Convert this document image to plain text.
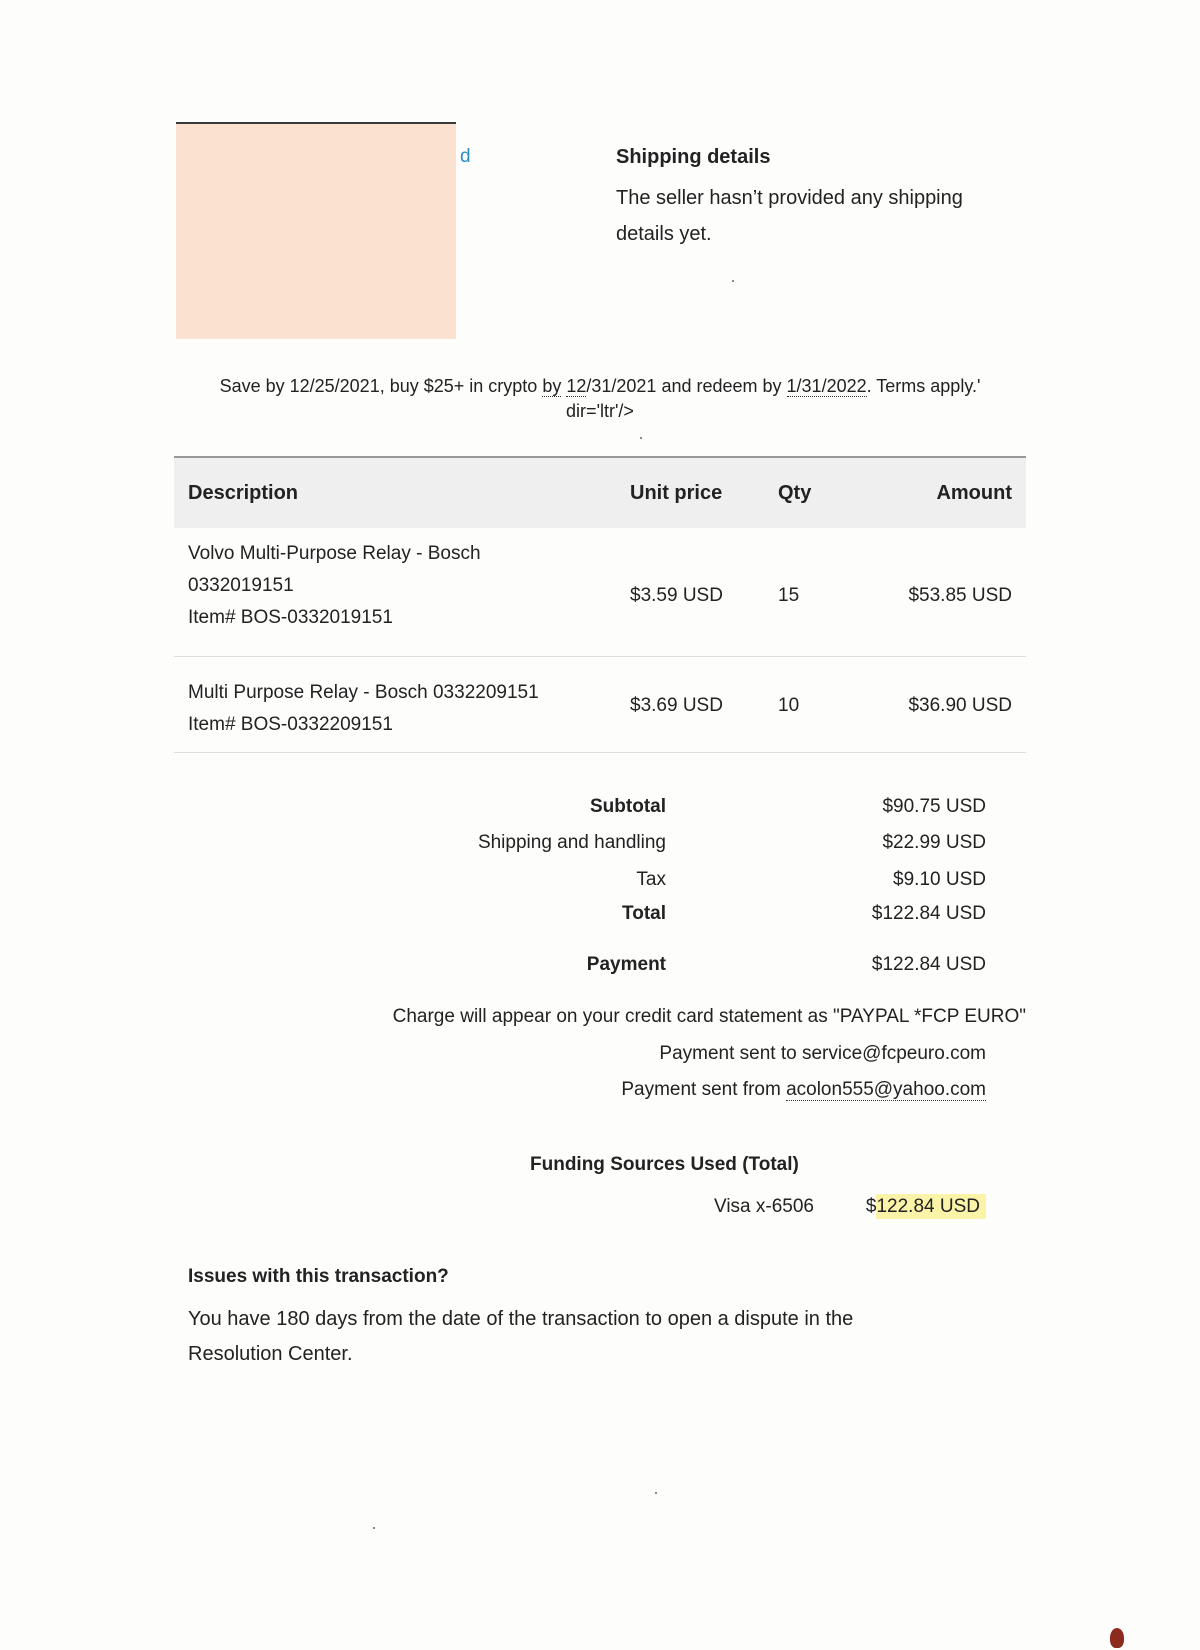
d	Shipping details
The seller hasn’t provided any shipping details yet.
Save by 12/25/2021, buy $25+ in crypto by 12/31/2021 and redeem by 1/31/2022. Terms apply.' dir='ltr'/>
Description	Unit price	Qty	Amount
Volvo Multi-Purpose Relay - Bosch
0332019151
Item# BOS-0332019151
$3.59 USD	15	$53.85 USD
Multi Purpose Relay - Bosch 0332209151
Item# BOS-0332209151
$3.69 USD	10	$36.90 USD
Subtotal	$90.75 USD
Shipping and handling	$22.99 USD
Tax	$9.10 USD
Total	$122.84 USD
Payment	$122.84 USD
Charge will appear on your credit card statement as "PAYPAL *FCP EURO"
Payment sent to service@fcpeuro.com
Payment sent from acolon555@yahoo.com
Funding Sources Used (Total)
Visa x-6506	$122.84 USD
Issues with this transaction?
You have 180 days from the date of the transaction to open a dispute in the Resolution Center.
